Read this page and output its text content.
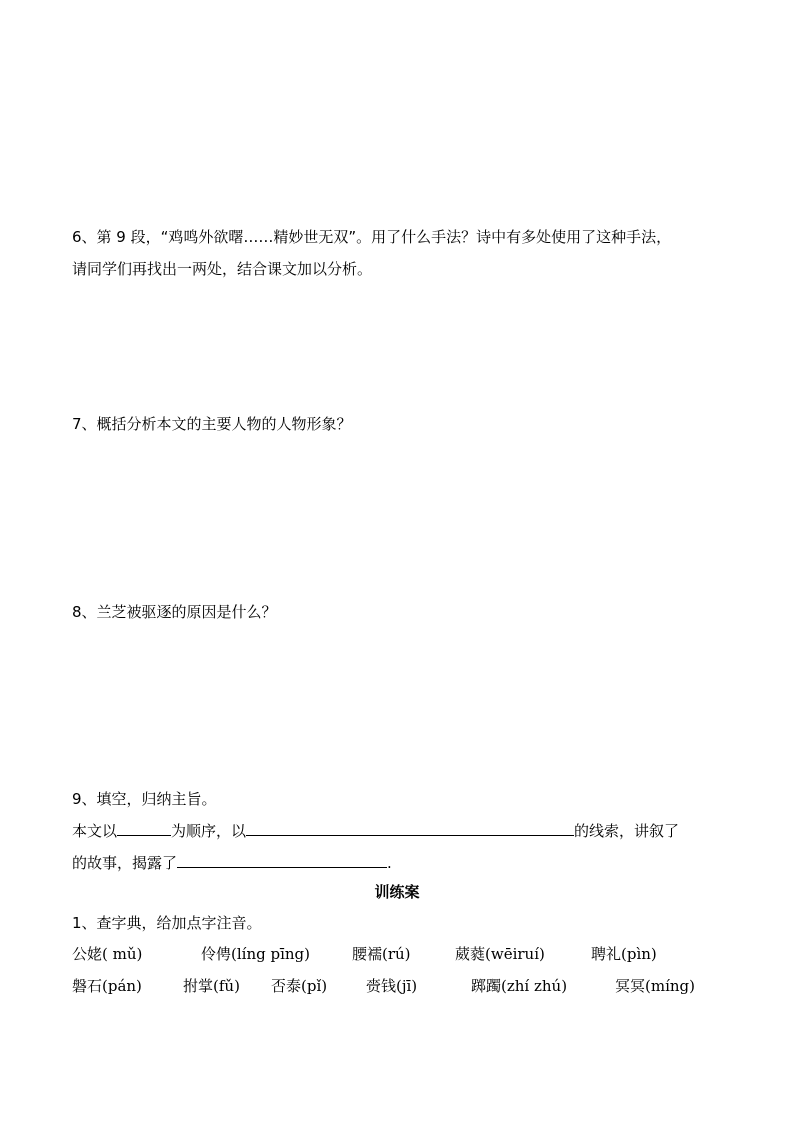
6、第 9 段，“鸡鸣外欲曙……精妙世无双”。用了什么手法？诗中有多处使用了这种手法，
请同学们再找出一两处，结合课文加以分析。
7、概括分析本文的主要人物的人物形象？
8、兰芝被驱逐的原因是什么？
9、填空，归纳主旨。
本文以	为顺序，以	的线索，讲叙了
的故事，揭露了	.
训练案
1、查字典，给加点字注音。
公姥( mǔ)	伶俜(líng pīng)	腰襦(rú)	葳蕤(wēiruí)	聘礼(pìn)
磐石(pán)	拊掌(fǔ) 否泰(pǐ)	赍钱(jī)	踯躅(zhí zhú)	冥冥(míng)
